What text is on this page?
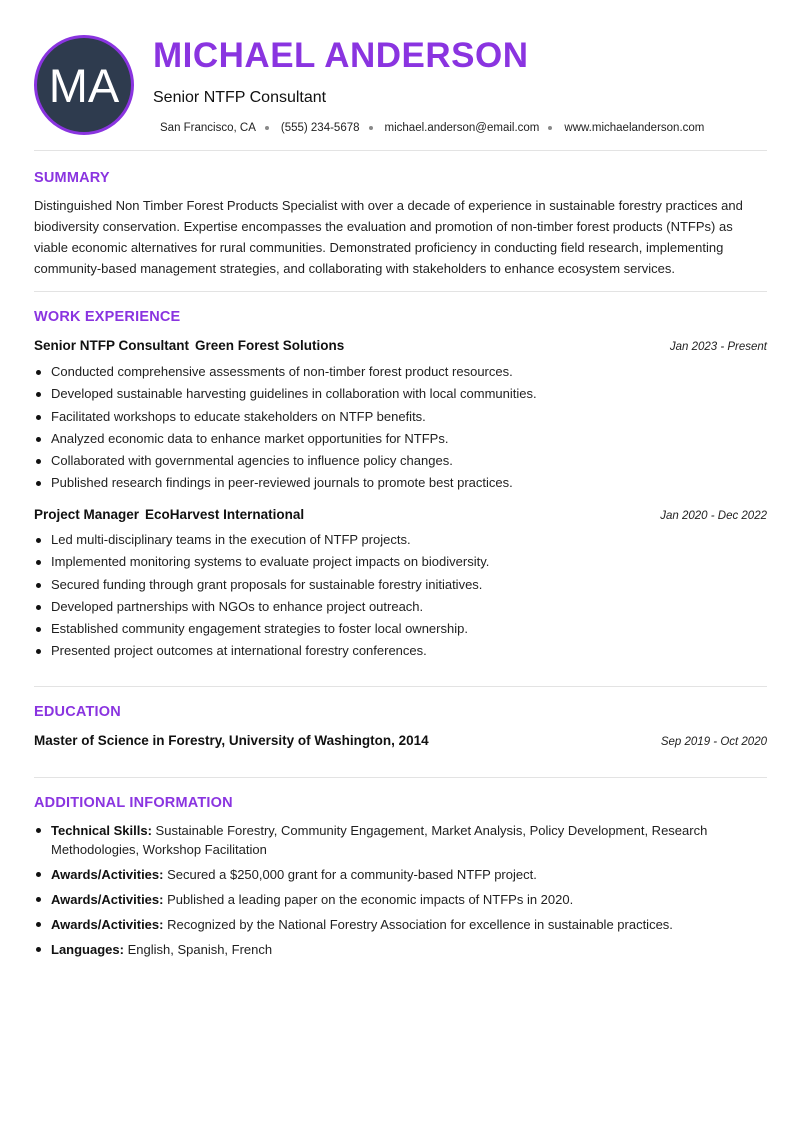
MA
MICHAEL ANDERSON
Senior NTFP Consultant
San Francisco, CA (555) 234-5678 michael.anderson@email.com www.michaelanderson.com
SUMMARY

Distinguished Non Timber Forest Products Specialist with over a decade of experience in sustainable forestry practices and biodiversity conservation. Expertise encompasses the evaluation and promotion of non-timber forest products (NTFPs) as viable economic alternatives for rural communities. Demonstrated proficiency in conducting field research, implementing community-based management strategies, and collaborating with stakeholders to enhance ecosystem services.

WORK EXPERIENCE
Senior NTFP Consultant Green Forest Solutions	Jan 2023 - Present
Conducted comprehensive assessments of non-timber forest product resources.
Developed sustainable harvesting guidelines in collaboration with local communities.
Facilitated workshops to educate stakeholders on NTFP benefits.
Analyzed economic data to enhance market opportunities for NTFPs.
Collaborated with governmental agencies to influence policy changes.
Published research findings in peer-reviewed journals to promote best practices.
Project Manager EcoHarvest International	Jan 2020 - Dec 2022
Led multi-disciplinary teams in the execution of NTFP projects.
Implemented monitoring systems to evaluate project impacts on biodiversity.
Secured funding through grant proposals for sustainable forestry initiatives.
Developed partnerships with NGOs to enhance project outreach.
Established community engagement strategies to foster local ownership.
Presented project outcomes at international forestry conferences.
EDUCATION
Master of Science in Forestry, University of Washington, 2014	Sep 2019 - Oct 2020
ADDITIONAL INFORMATION
Technical Skills: Sustainable Forestry, Community Engagement, Market Analysis, Policy Development, Research Methodologies, Workshop Facilitation
Awards/Activities: Secured a $250,000 grant for a community-based NTFP project.
Awards/Activities: Published a leading paper on the economic impacts of NTFPs in 2020.
Awards/Activities: Recognized by the National Forestry Association for excellence in sustainable practices.
Languages: English, Spanish, French
